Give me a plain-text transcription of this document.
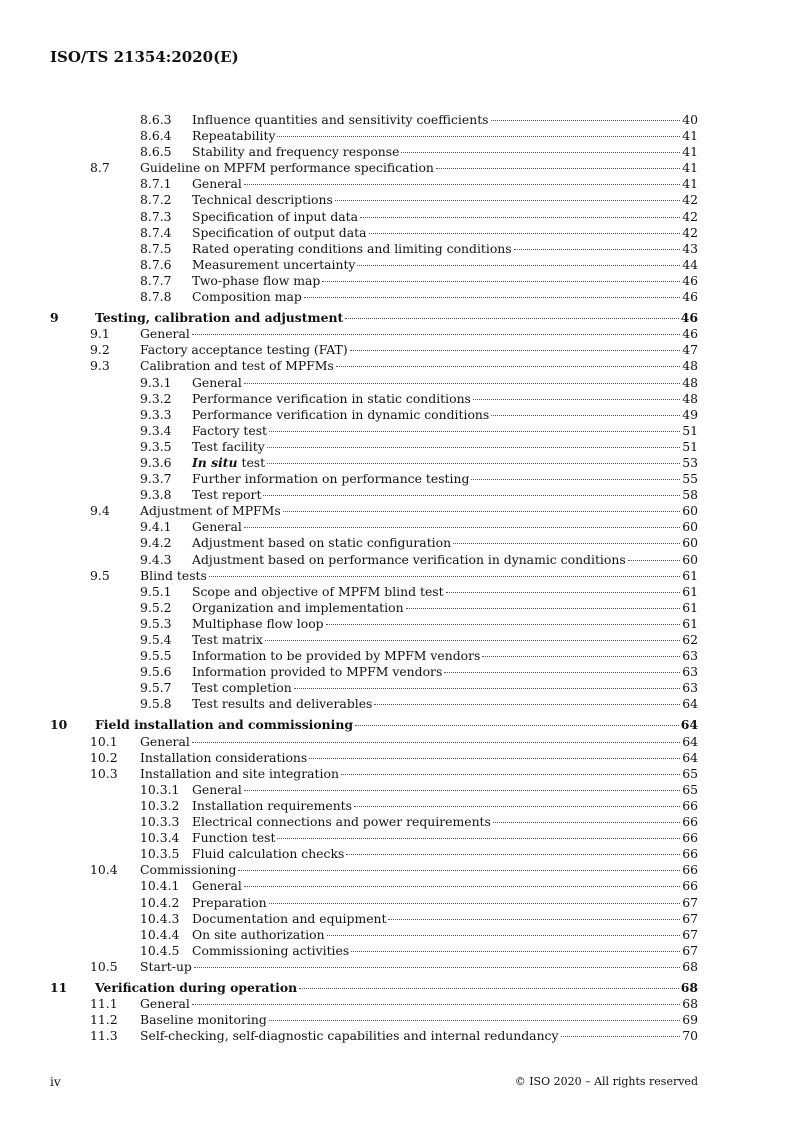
ISO/TS 21354:2020(E)
8.6.3 Influence quantities and sensitivity coefficients	40
8.6.4 Repeatability	41
8.6.5 Stability and frequency response	41
8.7 Guideline on MPFM performance specification	41
8.7.1 General	41
8.7.2 Technical descriptions	42
8.7.3 Specification of input data	42
8.7.4 Specification of output data	42
8.7.5 Rated operating conditions and limiting conditions	43
8.7.6 Measurement uncertainty	44
8.7.7 Two-phase flow map	46
8.7.8 Composition map	46
9	Testing, calibration and adjustment	46
9.1 General	46
9.2 Factory acceptance testing (FAT)	47
9.3 Calibration and test of MPFMs	48
9.3.1 General	48
9.3.2 Performance verification in static conditions	48
9.3.3 Performance verification in dynamic conditions	49
9.3.4 Factory test	51
9.3.5 Test facility	51
9.3.6 In situ test	53
9.3.7 Further information on performance testing	55
9.3.8 Test report	58
9.4 Adjustment of MPFMs	60
9.4.1 General	60
9.4.2 Adjustment based on static configuration	60
9.4.3 Adjustment based on performance verification in dynamic conditions	60
9.5 Blind tests	61
9.5.1 Scope and objective of MPFM blind test	61
9.5.2 Organization and implementation	61
9.5.3 Multiphase flow loop	61
9.5.4 Test matrix	62
9.5.5 Information to be provided by MPFM vendors	63
9.5.6 Information provided to MPFM vendors	63
9.5.7 Test completion	63
9.5.8 Test results and deliverables	64
10 Field installation and commissioning	64
10.1 General	64
10.2 Installation considerations	64
10.3 Installation and site integration	65
10.3.1 General	65
10.3.2 Installation requirements	66
10.3.3 Electrical connections and power requirements	66
10.3.4 Function test	66
10.3.5 Fluid calculation checks	66
10.4 Commissioning	66
10.4.1 General	66
10.4.2 Preparation	67
10.4.3 Documentation and equipment	67
10.4.4 On site authorization	67
10.4.5 Commissioning activities	67
10.5 Start-up	68
11 Verification during operation	68
11.1 General	68
11.2 Baseline monitoring	69
11.3 Self-checking, self-diagnostic capabilities and internal redundancy	70
iv	© ISO 2020 – All rights reserved
